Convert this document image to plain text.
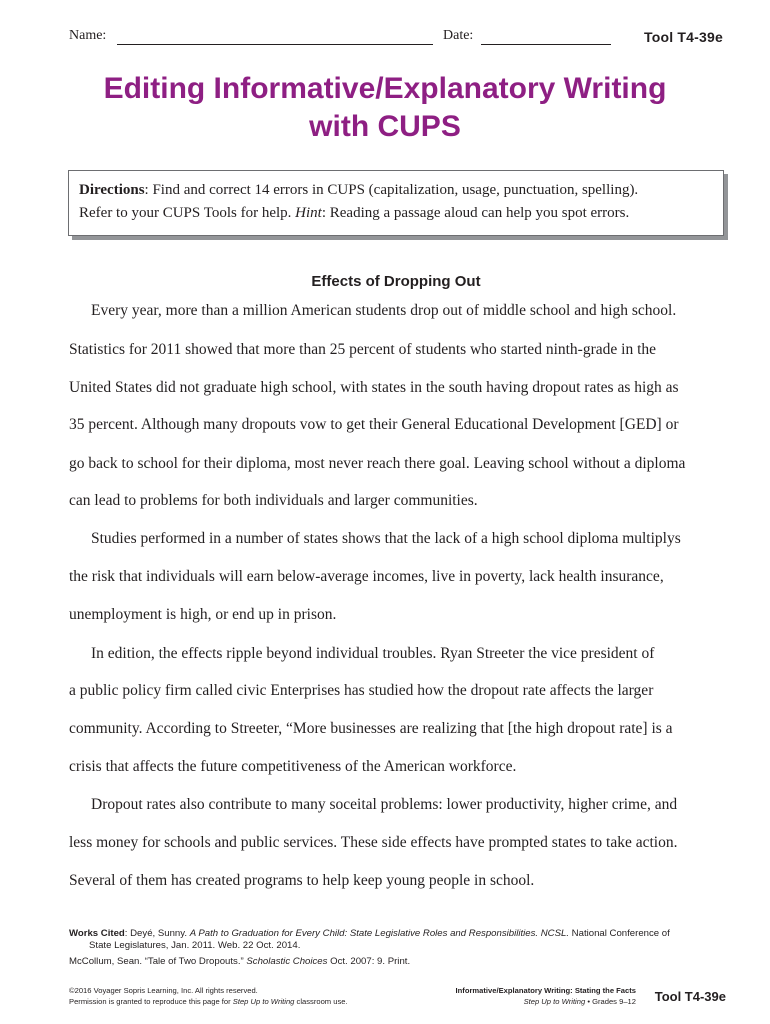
Name:	Date:	Tool T4-39e
Editing Informative/Explanatory Writing
with CUPS
Directions: Find and correct 14 errors in CUPS (capitalization, usage, punctuation, spelling).
Refer to your CUPS Tools for help. Hint: Reading a passage aloud can help you spot errors.
Effects of Dropping Out

Every year, more than a million American students drop out of middle school and high school.

Statistics for 2011 showed that more than 25 percent of students who started ninth-grade in the

United States did not graduate high school, with states in the south having dropout rates as high as

35 percent. Although many dropouts vow to get their General Educational Development [GED] or

go back to school for their diploma, most never reach there goal. Leaving school without a diploma

can lead to problems for both individuals and larger communities.

Studies performed in a number of states shows that the lack of a high school diploma multiplys

the risk that individuals will earn below-average incomes, live in poverty, lack health insurance,

unemployment is high, or end up in prison.

In edition, the effects ripple beyond individual troubles. Ryan Streeter the vice president of

a public policy firm called civic Enterprises has studied how the dropout rate affects the larger

community. According to Streeter, “More businesses are realizing that [the high dropout rate] is a

crisis that affects the future competitiveness of the American workforce.

Dropout rates also contribute to many soceital problems: lower productivity, higher crime, and

less money for schools and public services. These side effects have prompted states to take action.

Several of them has created programs to help keep young people in school.

Works Cited: Deyé, Sunny. A Path to Graduation for Every Child: State Legislative Roles and Responsibilities. NCSL. National Conference of
State Legislatures, Jan. 2011. Web. 22 Oct. 2014.
McCollum, Sean. “Tale of Two Dropouts.” Scholastic Choices Oct. 2007: 9. Print.
©2016 Voyager Sopris Learning, Inc. All rights reserved.
Permission is granted to reproduce this page for Step Up to Writing classroom use.
Informative/Explanatory Writing: Stating the Facts
Step Up to Writing • Grades 9–12 Tool T4-39e
